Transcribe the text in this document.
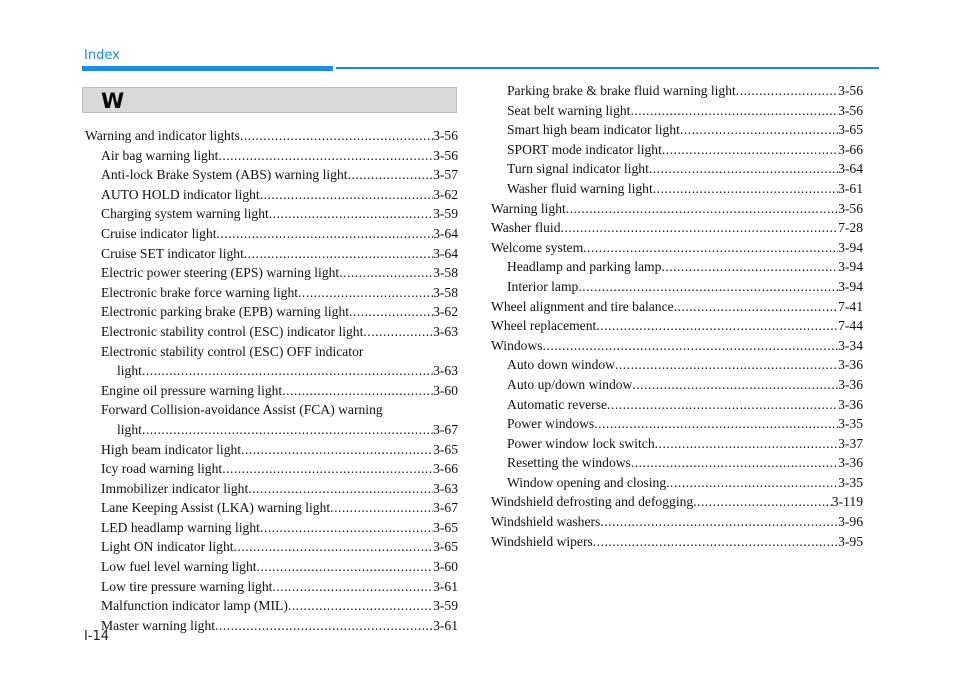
Index
W
Warning and indicator lights .....	3-56
Air bag warning light .....	3-56
Anti-lock Brake System (ABS) warning light .....	3-57
AUTO HOLD indicator light .....	3-62
Charging system warning light .....	3-59
Cruise indicator light .....	3-64
Cruise SET indicator light .....	3-64
Electric power steering (EPS) warning light .....	3-58
Electronic brake force warning light .....	3-58
Electronic parking brake (EPB) warning light .....	3-62
Electronic stability control (ESC) indicator light .....	3-63
Electronic stability control (ESC) OFF indicator
light .....	3-63
Engine oil pressure warning light .....	3-60
Forward Collision-avoidance Assist (FCA) warning
light .....	3-67
High beam indicator light .....	3-65
Icy road warning light .....	3-66
Immobilizer indicator light .....	3-63
Lane Keeping Assist (LKA) warning light .....	3-67
LED headlamp warning light .....	3-65
Light ON indicator light .....	3-65
Low fuel level warning light .....	3-60
Low tire pressure warning light .....	3-61
Malfunction indicator lamp (MIL) .....	3-59
Master warning light .....	3-61
Parking brake & brake fluid warning light .....	3-56
Seat belt warning light .....	3-56
Smart high beam indicator light .....	3-65
SPORT mode indicator light .....	3-66
Turn signal indicator light .....	3-64
Washer fluid warning light .....	3-61
Warning light .....	3-56
Washer fluid .....	7-28
Welcome system .....	3-94
Headlamp and parking lamp .....	3-94
Interior lamp .....	3-94
Wheel alignment and tire balance .....	7-41
Wheel replacement .....	7-44
Windows .....	3-34
Auto down window .....	3-36
Auto up/down window .....	3-36
Automatic reverse .....	3-36
Power windows .....	3-35
Power window lock switch .....	3-37
Resetting the windows .....	3-36
Window opening and closing .....	3-35
Windshield defrosting and defogging .....	3-119
Windshield washers .....	3-96
Windshield wipers .....	3-95
I-14
